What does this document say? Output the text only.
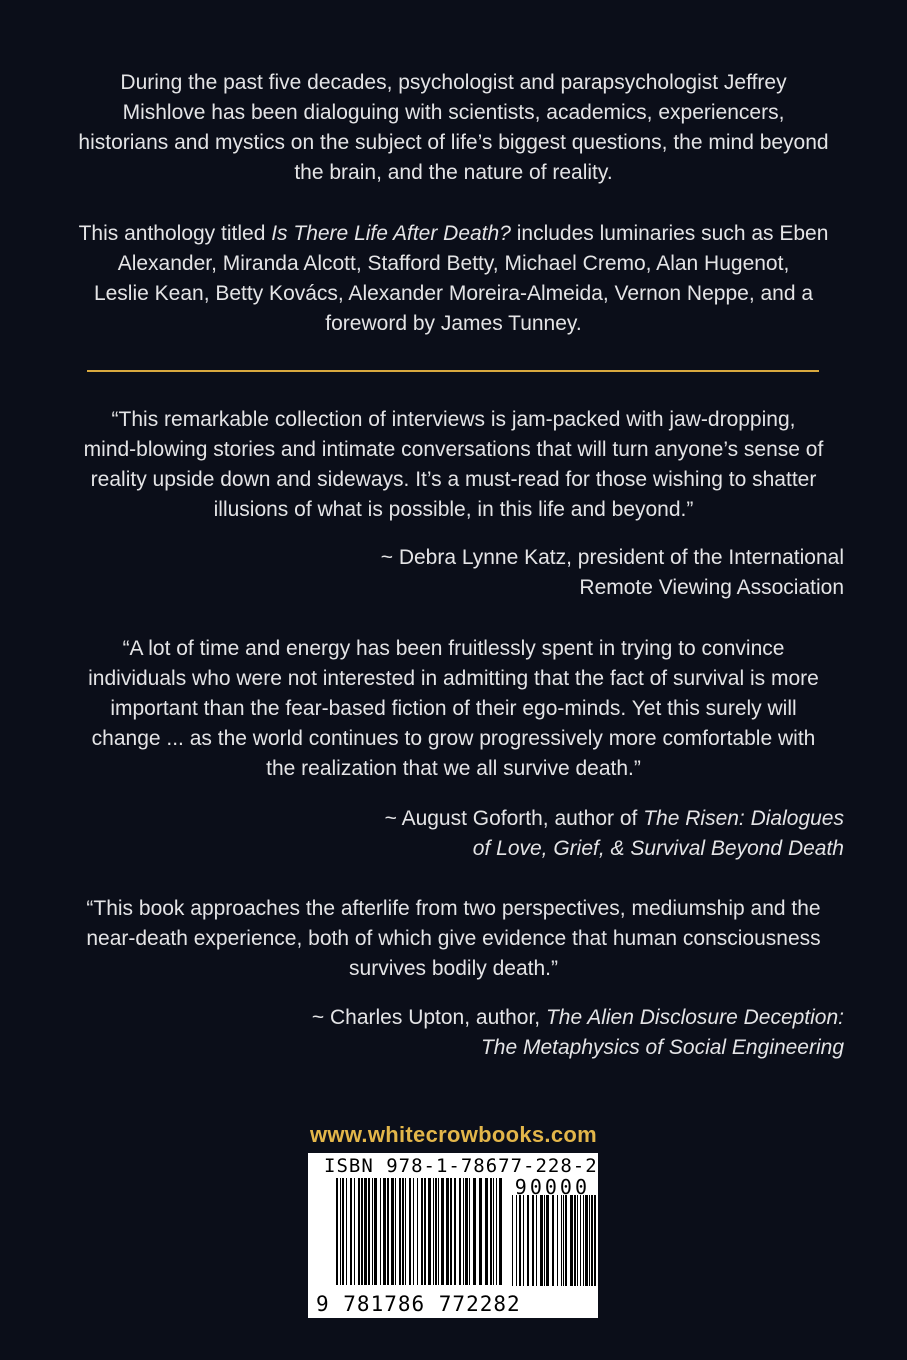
During the past five decades, psychologist and parapsychologist Jeffrey
Mishlove has been dialoguing with scientists, academics, experiencers,
historians and mystics on the subject of life’s biggest questions, the mind beyond
the brain, and the nature of reality.
This anthology titled Is There Life After Death? includes luminaries such as Eben
Alexander, Miranda Alcott, Stafford Betty, Michael Cremo, Alan Hugenot,
Leslie Kean, Betty Kovács, Alexander Moreira-Almeida, Vernon Neppe, and a
foreword by James Tunney.
“This remarkable collection of interviews is jam-packed with jaw-dropping,
mind-blowing stories and intimate conversations that will turn anyone’s sense of
reality upside down and sideways. It’s a must-read for those wishing to shatter
illusions of what is possible, in this life and beyond.”
~ Debra Lynne Katz, president of the International
Remote Viewing Association
“A lot of time and energy has been fruitlessly spent in trying to convince
individuals who were not interested in admitting that the fact of survival is more
important than the fear-based fiction of their ego-minds. Yet this surely will
change ... as the world continues to grow progressively more comfortable with
the realization that we all survive death.”
~ August Goforth, author of The Risen: Dialogues
of Love, Grief, & Survival Beyond Death
“This book approaches the afterlife from two perspectives, mediumship and the
near-death experience, both of which give evidence that human consciousness
survives bodily death.”
~ Charles Upton, author, The Alien Disclosure Deception:
The Metaphysics of Social Engineering
www.whitecrowbooks.com
ISBN 978-1-78677-228-2
90000
9 781786 772282
